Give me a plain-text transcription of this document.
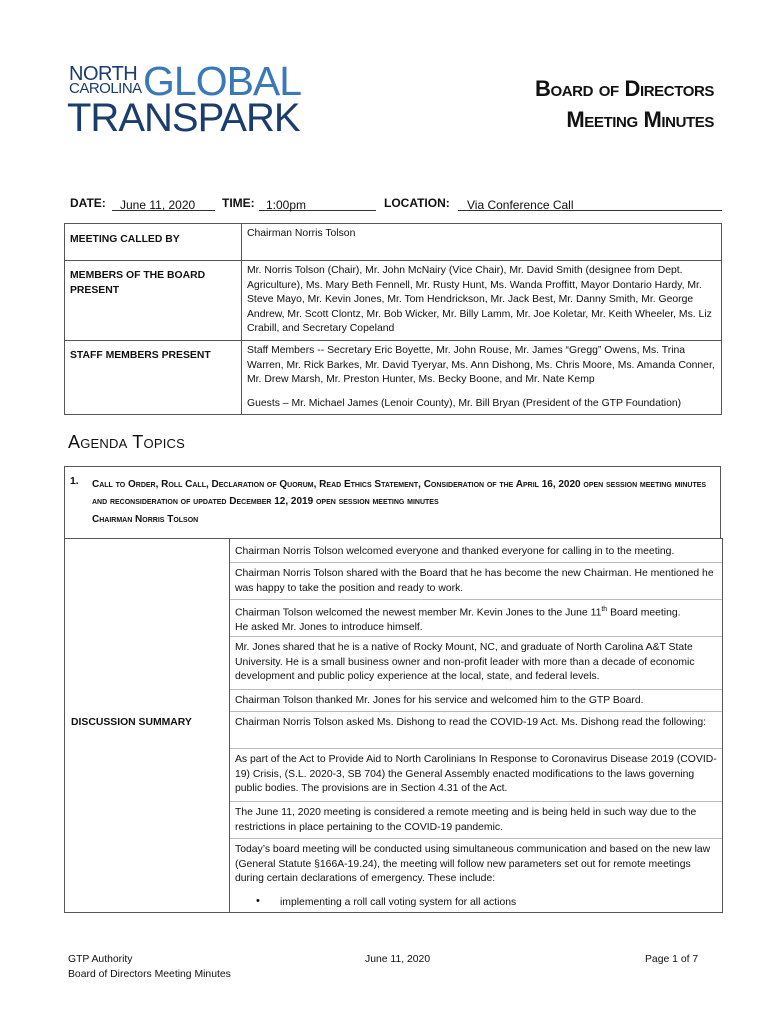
NORTH
CAROLINA GLOBAL
TRANSPARK
Board of Directors
Meeting Minutes
DATE:	June 11, 2020	TIME: 1:00pm	LOCATION:	Via Conference Call
MEETING CALLED BY	Chairman Norris Tolson
MEMBERS OF THE BOARD PRESENT	Mr. Norris Tolson (Chair), Mr. John McNairy (Vice Chair), Mr. David Smith (designee from Dept. Agriculture), Ms. Mary Beth Fennell, Mr. Rusty Hunt, Ms. Wanda Proffitt, Mayor Dontario Hardy, Mr. Steve Mayo, Mr. Kevin Jones, Mr. Tom Hendrickson, Mr. Jack Best, Mr. Danny Smith, Mr. George Andrew, Mr. Scott Clontz, Mr. Bob Wicker, Mr. Billy Lamm, Mr. Joe Koletar, Mr. Keith Wheeler, Ms. Liz Crabill, and Secretary Copeland
STAFF MEMBERS PRESENT	Staff Members -- Secretary Eric Boyette, Mr. John Rouse, Mr. James “Gregg” Owens, Ms. Trina Warren, Mr. Rick Barkes, Mr. David Tyeryar, Ms. Ann Dishong, Ms. Chris Moore, Ms. Amanda Conner, Mr. Drew Marsh, Mr. Preston Hunter, Ms. Becky Boone, and Mr. Nate Kemp
Guests – Mr. Michael James (Lenoir County), Mr. Bill Bryan (President of the GTP Foundation)
Agenda Topics
1. Call to Order, Roll Call, Declaration of Quorum, Read Ethics Statement, Consideration of the April 16, 2020 open session meeting minutes and reconsideration of updated December 12, 2019 open session meeting minutes
Chairman Norris Tolson
DISCUSSION SUMMARY
Chairman Norris Tolson welcomed everyone and thanked everyone for calling in to the meeting.
Chairman Norris Tolson shared with the Board that he has become the new Chairman. He mentioned he was happy to take the position and ready to work.
Chairman Tolson welcomed the newest member Mr. Kevin Jones to the June 11th Board meeting.
He asked Mr. Jones to introduce himself.
Mr. Jones shared that he is a native of Rocky Mount, NC, and graduate of North Carolina A&T State University. He is a small business owner and non-profit leader with more than a decade of economic development and public policy experience at the local, state, and federal levels.
Chairman Tolson thanked Mr. Jones for his service and welcomed him to the GTP Board.
Chairman Norris Tolson asked Ms. Dishong to read the COVID-19 Act. Ms. Dishong read the following:
As part of the Act to Provide Aid to North Carolinians In Response to Coronavirus Disease 2019 (COVID-19) Crisis, (S.L. 2020-3, SB 704) the General Assembly enacted modifications to the laws governing public bodies. The provisions are in Section 4.31 of the Act.
The June 11, 2020 meeting is considered a remote meeting and is being held in such way due to the restrictions in place pertaining to the COVID-19 pandemic.
Today’s board meeting will be conducted using simultaneous communication and based on the new law (General Statute §166A-19.24), the meeting will follow new parameters set out for remote meetings during certain declarations of emergency. These include:
• implementing a roll call voting system for all actions
GTP Authority
Board of Directors Meeting Minutes
June 11, 2020	Page 1 of 7
